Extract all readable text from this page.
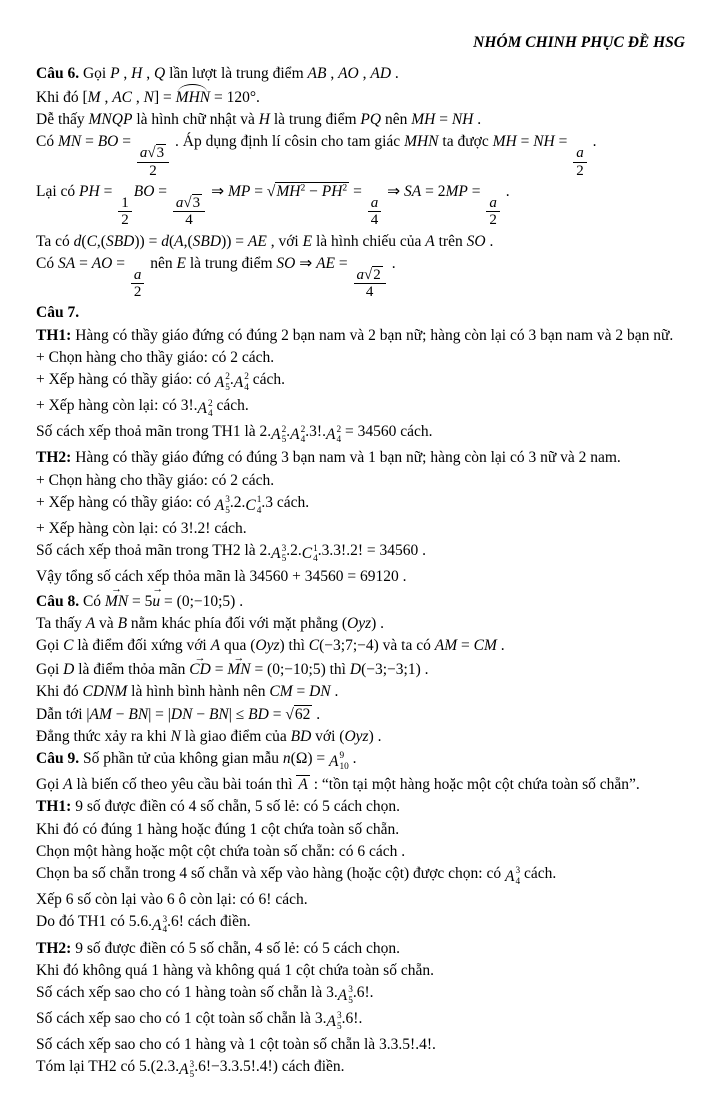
NHÓM CHINH PHỤC ĐỀ HSG

Câu 6. Gọi P , H , Q lần lượt là trung điểm AB , AO , AD .

Khi đó [M , AC , N] = MHN = 120°.

Dễ thấy MNQP là hình chữ nhật và H là trung điểm PQ nên MH = NH .

Có MN = BO =
$\frac{a√3}{2}$
. Áp dụng định lí côsin cho tam giác MHN ta được MH = NH =
$\frac{a}{2}$
.

Lại có PH =
$\frac{1}{2}$
BO =
$\frac{a√3}{4}$
⇒ MP = $√MH^2 - PH^2$ =
$\frac{a}{4}$
⇒ SA = 2MP =
$\frac{a}{2}$
.

Ta có d(C,(SBD)) = d(A,(SBD)) = AE , với E là hình chiếu của A trên SO .

Có SA = AO =
$\frac{a}{2}$
nên E là trung điểm SO ⇒ AE =
$\frac{a√2}{4}$
.

Câu 7.

TH1: Hàng có thầy giáo đứng có đúng 2 bạn nam và 2 bạn nữ; hàng còn lại có 3 bạn nam và 2 bạn nữ.

+ Chọn hàng cho thầy giáo: có 2 cách.

+ Xếp hàng có thầy giáo: có A 2
5 . A 2
4 cách.

+ Xếp hàng còn lại: có 3!. A 2
4 cách.

Số cách xếp thoả mãn trong TH1 là 2. A 2
5 . A 2
4 .3!. A 2
4 = 34560 cách.

TH2: Hàng có thầy giáo đứng có đúng 3 bạn nam và 1 bạn nữ; hàng còn lại có 3 nữ và 2 nam.

+ Chọn hàng cho thầy giáo: có 2 cách.

+ Xếp hàng có thầy giáo: có A 3
5 .2. C 1
4 .3 cách.

+ Xếp hàng còn lại: có 3!.2! cách.

Số cách xếp thoả mãn trong TH2 là 2. A 3
5 .2. C 1
4 .3.3!.2! = 34560 .

Vậy tổng số cách xếp thỏa mãn là 34560 + 34560 = 69120 .

Câu 8. Có MN → = 5u → = (0;−10;5) .

Ta thấy A và B nằm khác phía đối với mặt phẳng (Oyz) .

Gọi C là điểm đối xứng với A qua (Oyz) thì C(−3;7;−4) và ta có AM = CM .

Gọi D là điểm thỏa mãn CD → = MN → = (0;−10;5) thì D(−3;−3;1) .

Khi đó CDNM là hình bình hành nên CM = DN .

Dẫn tới |AM − BN| = |DN − BN| ≤ BD = √62 .

Đẳng thức xảy ra khi N là giao điểm của BD với (Oyz) .

Câu 9. Số phần tử của không gian mẫu n(Ω) = A 9
10 .

Gọi A là biến cố theo yêu cầu bài toán thì A : “tồn tại một hàng hoặc một cột chứa toàn số chẵn”.

TH1: 9 số được điền có 4 số chẵn, 5 số lẻ: có 5 cách chọn.

Khi đó có đúng 1 hàng hoặc đúng 1 cột chứa toàn số chẵn.

Chọn một hàng hoặc một cột chứa toàn số chẵn: có 6 cách .

Chọn ba số chẵn trong 4 số chẵn và xếp vào hàng (hoặc cột) được chọn: có A 3
4 cách.

Xếp 6 số còn lại vào 6 ô còn lại: có 6! cách.

Do đó TH1 có 5.6. A 3
4 .6! cách điền.

TH2: 9 số được điền có 5 số chẵn, 4 số lẻ: có 5 cách chọn.

Khi đó không quá 1 hàng và không quá 1 cột chứa toàn số chẵn.

Số cách xếp sao cho có 1 hàng toàn số chẵn là 3. A 3
5 .6!.

Số cách xếp sao cho có 1 cột toàn số chẵn là 3. A 3
5 .6!.

Số cách xếp sao cho có 1 hàng và 1 cột toàn số chẵn là 3.3.5!.4!.

Tóm lại TH2 có 5.(2.3. A 3
5 .6!−3.3.5!.4!) cách điền.
